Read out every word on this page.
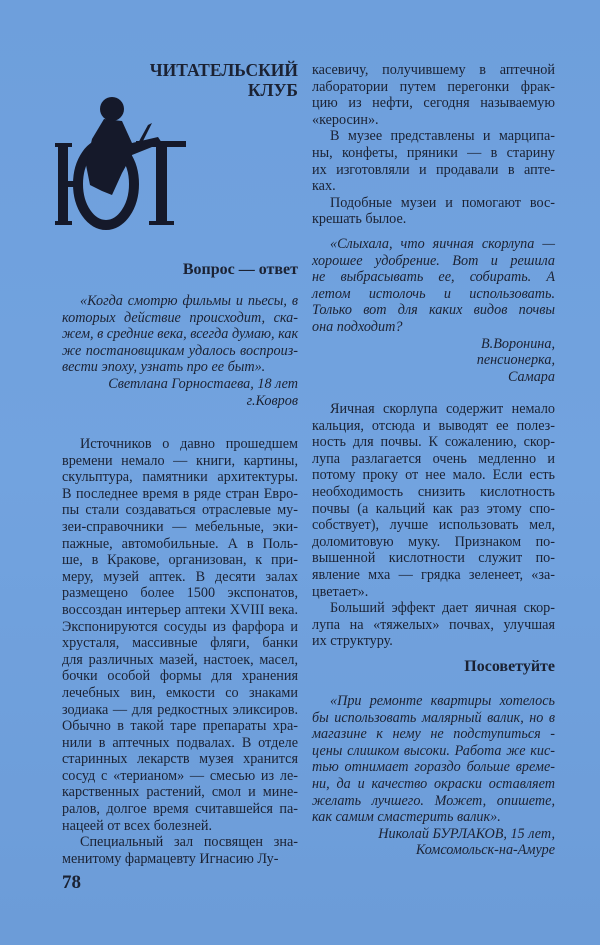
ЧИТАТЕЛЬСКИЙ
КЛУБ
Вопрос — ответ
«Когда смотрю фильмы и пьесы, в
которых действие происходит, ска-
жем, в средние века, всегда думаю, как
же постановщикам удалось воспроиз-
вести эпоху, узнать про ее быт».
Светлана Горностаева, 18 лет
г.Ковров
Источников о давно прошедшем
времени немало — книги, картины,
скульптура, памятники архитектуры.
В последнее время в ряде стран Евро-
пы стали создаваться отраслевые му-
зеи-справочники — мебельные, эки-
пажные, автомобильные. А в Поль-
ше, в Кракове, организован, к при-
меру, музей аптек. В десяти залах
размещено более 1500 экспонатов,
воссоздан интерьер аптеки XVIII века.
Экспонируются сосуды из фарфора и
хрусталя, массивные фляги, банки
для различных мазей, настоек, масел,
бочки особой формы для хранения
лечебных вин, емкости со знаками
зодиака — для редкостных эликсиров.
Обычно в такой таре препараты хра-
нили в аптечных подвалах. В отделе
старинных лекарств музея хранится
сосуд с «терианом» — смесью из ле-
карственных растений, смол и мине-
ралов, долгое время считавшейся па-
нацеей от всех болезней.
Специальный зал посвящен зна-
менитому фармацевту Игнасию Лу-
касевичу, получившему в аптечной
лаборатории путем перегонки фрак-
цию из нефти, сегодня называемую
«керосин».
В музее представлены и марципа-
ны, конфеты, пряники — в старину
их изготовляли и продавали в апте-
ках.
Подобные музеи и помогают вос-
крешать былое.
«Слыхала, что яичная скорлупа —
хорошее удобрение. Вот и решила
не выбрасывать ее, собирать. А
летом истолочь и использовать.
Только вот для каких видов почвы
она подходит?
В.Воронина,
пенсионерка,
Самара
Яичная скорлупа содержит немало
кальция, отсюда и выводят ее полез-
ность для почвы. К сожалению, скор-
лупа разлагается очень медленно и
потому проку от нее мало. Если есть
необходимость снизить кислотность
почвы (а кальций как раз этому спо-
собствует), лучше использовать мел,
доломитовую муку. Признаком по-
вышенной кислотности служит по-
явление мха — грядка зеленеет, «за-
цветает».
Больший эффект дает яичная скор-
лупа на «тяжелых» почвах, улучшая
их структуру.
Посоветуйте
«При ремонте квартиры хотелось
бы использовать малярный валик, но в
магазине к нему не подступиться -
цены слишком высоки. Работа же кис-
тью отнимает гораздо больше време-
ни, да и качество окраски оставляет
желать лучшего. Может, опишете,
как самим смастерить валик».
Николай БУРЛАКОВ, 15 лет,
Комсомольск-на-Амуре
78
